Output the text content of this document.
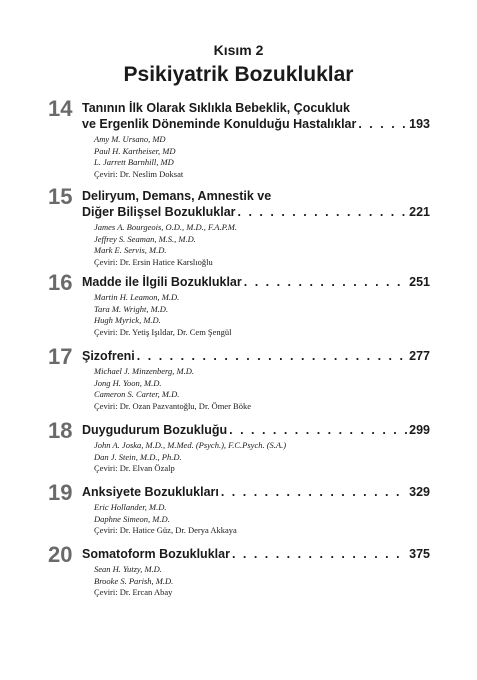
Kısım 2
Psikiyatrik Bozukluklar
14 Tanının İlk Olarak Sıklıkla Bebeklik, Çocukluk
ve Ergenlik Döneminde Konulduğu Hastalıklar . . .	193
Amy M. Ursano, MD
Paul H. Kartheiser, MD
L. Jarrett Barnhill, MD
Çeviri: Dr. Neslim Doksat
15 Deliryum, Demans, Amnestik ve
Diğer Bilişsel Bozukluklar . . .	221
James A. Bourgeois, O.D., M.D., F.A.P.M.
Jeffrey S. Seaman, M.S., M.D.
Mark E. Servis, M.D.
Çeviri: Dr. Ersin Hatice Karslıoğlu
16 Madde ile İlgili Bozukluklar . . .	251
Martin H. Leamon, M.D.
Tara M. Wright, M.D.
Hugh Myrick, M.D.
Çeviri: Dr. Yetiş Işıldar, Dr. Cem Şengül
17 Şizofreni . . .	277
Michael J. Minzenberg, M.D.
Jong H. Yoon, M.D.
Cameron S. Carter, M.D.
Çeviri: Dr. Ozan Pazvantoğlu, Dr. Ömer Böke
18 Duygudurum Bozukluğu . . .	299
John A. Joska, M.D., M.Med. (Psych.), F.C.Psych. (S.A.)
Dan J. Stein, M.D., Ph.D.
Çeviri: Dr. Elvan Özalp
19 Anksiyete Bozuklukları . . .	329
Eric Hollander, M.D.
Daphne Simeon, M.D.
Çeviri: Dr. Hatice Güz, Dr. Derya Akkaya
20 Somatoform Bozukluklar . . .	375
Sean H. Yutzy, M.D.
Brooke S. Parish, M.D.
Çeviri: Dr. Ercan Abay
